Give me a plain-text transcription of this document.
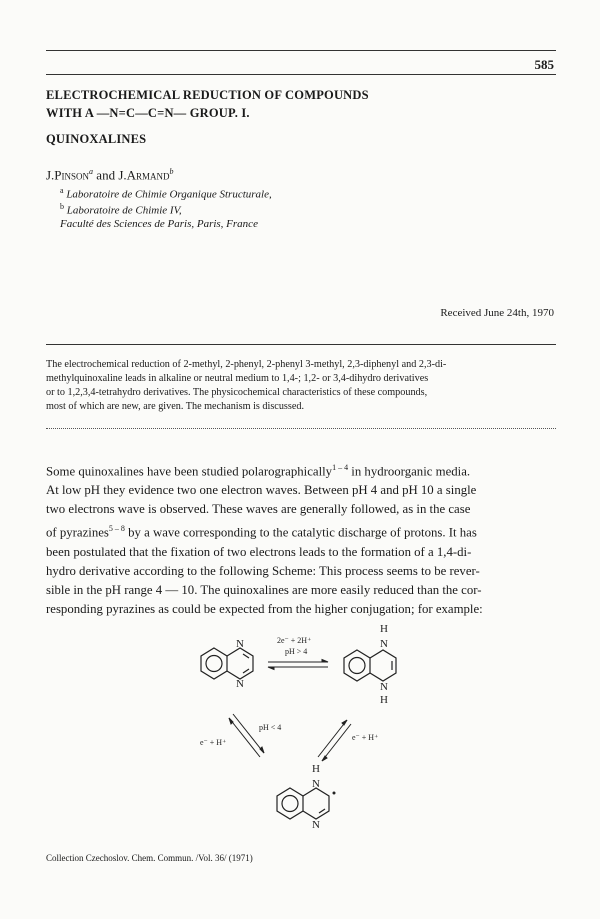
585
ELECTROCHEMICAL REDUCTION OF COMPOUNDS
WITH A —N=C—C=N— GROUP. I.
QUINOXALINES
J.Pinson$^a$ and J.Armand$^b$
$^a$ Laboratoire de Chimie Organique Structurale,
$^b$ Laboratoire de Chimie IV,
Faculté des Sciences de Paris, Paris, France
Received June 24th, 1970
The electrochemical reduction of 2-methyl, 2-phenyl, 2-phenyl 3-methyl, 2,3-diphenyl and 2,3-di-
methylquinoxaline leads in alkaline or neutral medium to 1,4-; 1,2- or 3,4-dihydro derivatives
or to 1,2,3,4-tetrahydro derivatives. The physicochemical characteristics of these compounds,
most of which are new, are given. The mechanism is discussed.
Some quinoxalines have been studied polarographically$^{1 - 4}$ in hydroorganic media.
At low pH they evidence two one electron waves. Between pH 4 and pH 10 a single
two electrons wave is observed. These waves are generally followed, as in the case
of pyrazines$^{5 - 8}$ by a wave corresponding to the catalytic discharge of protons. It has
been postulated that the fixation of two electrons leads to the formation of a 1,4-di-
hydro derivative according to the following Scheme: This process seems to be rever-
sible in the pH range 4 — 10. The quinoxalines are more easily reduced than the cor-
responding pyrazines as could be expected from the higher conjugation; for example:
N
N
H
N
N
H
H
N
N
2e⁻ + 2H⁺
pH > 4
pH < 4
e⁻ + H⁺
e⁻ + H⁺
Collection Czechoslov. Chem. Commun. /Vol. 36/ (1971)
